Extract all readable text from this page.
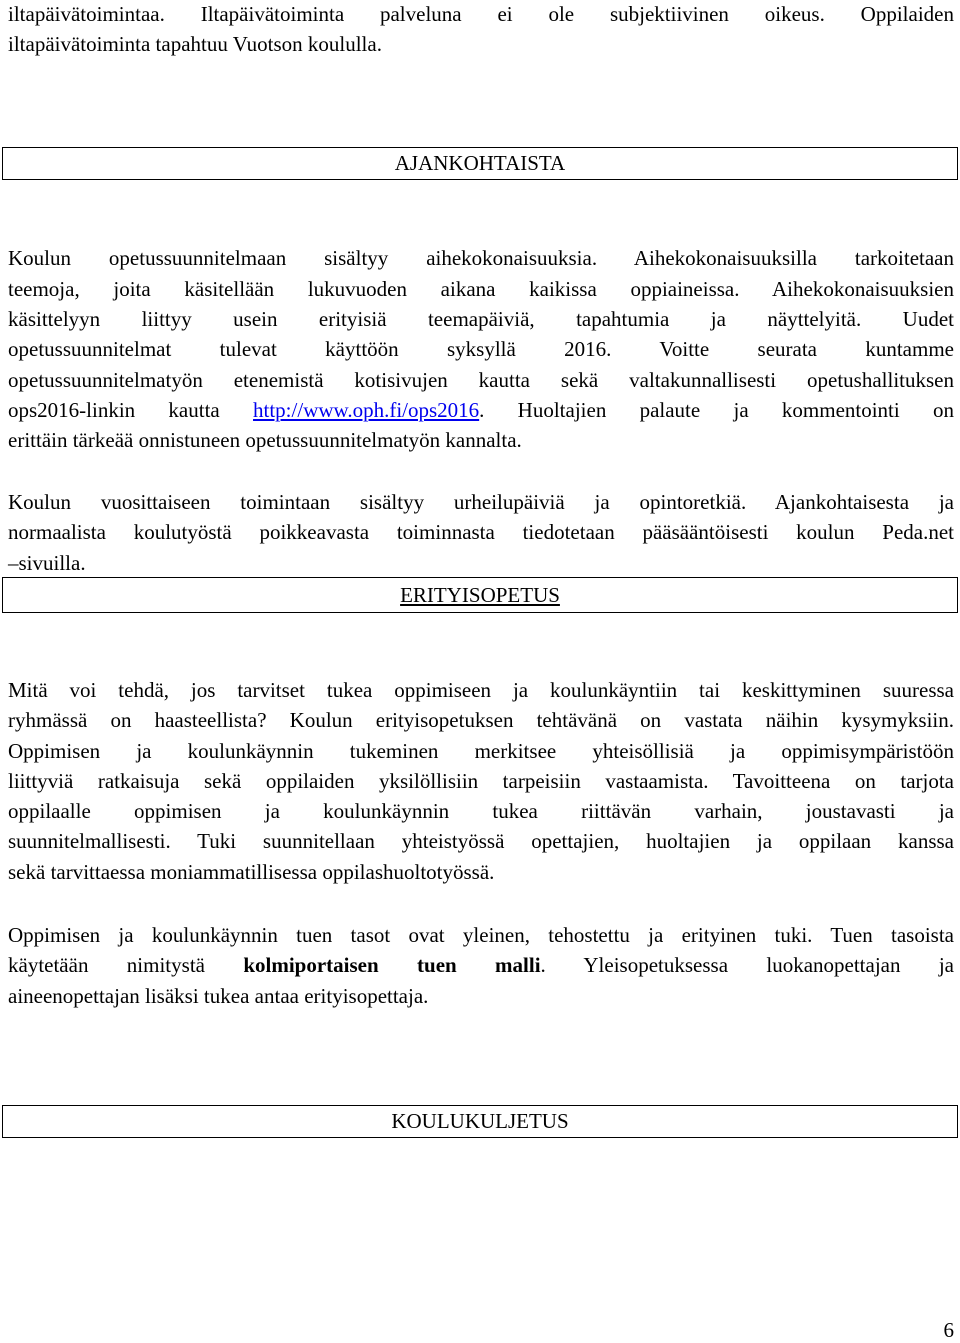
iltapäivätoimintaa. Iltapäivätoiminta palveluna ei ole subjektiivinen oikeus. Oppilaiden
iltapäivätoiminta tapahtuu Vuotson koululla.
AJANKOHTAISTA
Koulun opetussuunnitelmaan sisältyy aihekokonaisuuksia. Aihekokonaisuuksilla tarkoitetaan
teemoja, joita käsitellään lukuvuoden aikana kaikissa oppiaineissa. Aihekokonaisuuksien
käsittelyyn liittyy usein erityisiä teemapäiviä, tapahtumia ja näyttelyitä. Uudet
opetussuunnitelmat tulevat käyttöön syksyllä 2016. Voitte seurata kuntamme
opetussuunnitelmatyön etenemistä kotisivujen kautta sekä valtakunnallisesti opetushallituksen
ops2016-linkin kautta http://www.oph.fi/ops2016. Huoltajien palaute ja kommentointi on
erittäin tärkeää onnistuneen opetussuunnitelmatyön kannalta.
Koulun vuosittaiseen toimintaan sisältyy urheilupäiviä ja opintoretkiä. Ajankohtaisesta ja
normaalista koulutyöstä poikkeavasta toiminnasta tiedotetaan pääsääntöisesti koulun Peda.net
–sivuilla.
ERITYISOPETUS
Mitä voi tehdä, jos tarvitset tukea oppimiseen ja koulunkäyntiin tai keskittyminen suuressa
ryhmässä on haasteellista? Koulun erityisopetuksen tehtävänä on vastata näihin kysymyksiin.
Oppimisen ja koulunkäynnin tukeminen merkitsee yhteisöllisiä ja oppimisympäristöön
liittyviä ratkaisuja sekä oppilaiden yksilöllisiin tarpeisiin vastaamista. Tavoitteena on tarjota
oppilaalle oppimisen ja koulunkäynnin tukea riittävän varhain, joustavasti ja
suunnitelmallisesti. Tuki suunnitellaan yhteistyössä opettajien, huoltajien ja oppilaan kanssa
sekä tarvittaessa moniammatillisessa oppilashuoltotyössä.
Oppimisen ja koulunkäynnin tuen tasot ovat yleinen, tehostettu ja erityinen tuki. Tuen tasoista
käytetään nimitystä kolmiportaisen tuen malli. Yleisopetuksessa luokanopettajan ja
aineenopettajan lisäksi tukea antaa erityisopettaja.
KOULUKULJETUS
6
